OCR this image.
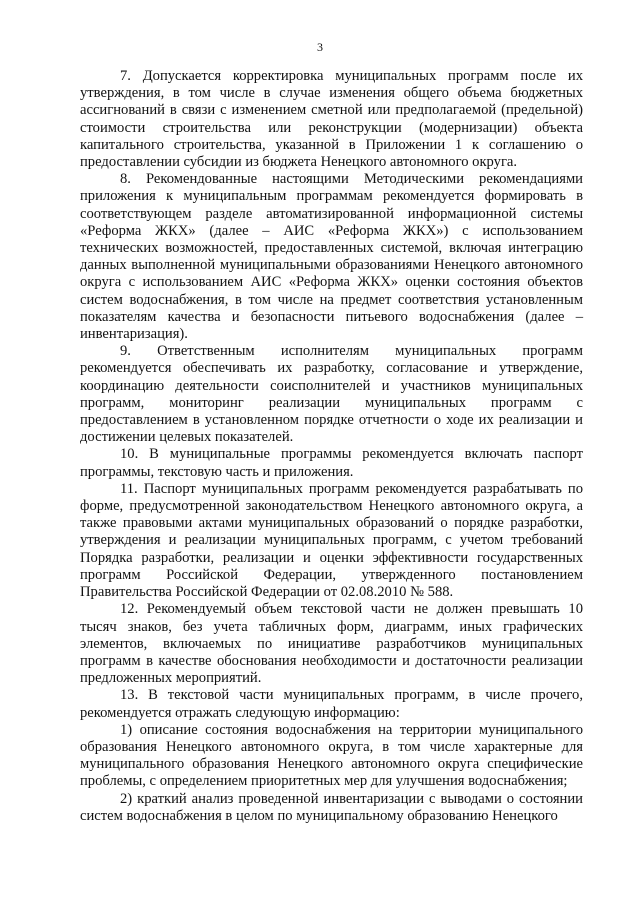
3

7. Допускается корректировка муниципальных программ после их утверждения, в том числе в случае изменения общего объема бюджетных ассигнований в связи с изменением сметной или предполагаемой (предельной) стоимости строительства или реконструкции (модернизации) объекта капитального строительства, указанной в Приложении 1 к соглашению о предоставлении субсидии из бюджета Ненецкого автономного округа.

8. Рекомендованные настоящими Методическими рекомендациями приложения к муниципальным программам рекомендуется формировать в соответствующем разделе автоматизированной информационной системы «Реформа ЖКХ» (далее – АИС «Реформа ЖКХ») с использованием технических возможностей, предоставленных системой, включая интеграцию данных выполненной муниципальными образованиями Ненецкого автономного округа с использованием АИС «Реформа ЖКХ» оценки состояния объектов систем водоснабжения, в том числе на предмет соответствия установленным показателям качества и безопасности питьевого водоснабжения (далее – инвентаризация).

9. Ответственным исполнителям муниципальных программ рекомендуется обеспечивать их разработку, согласование и утверждение, координацию деятельности соисполнителей и участников муниципальных программ, мониторинг реализации муниципальных программ с предоставлением в установленном порядке отчетности о ходе их реализации и достижении целевых показателей.

10. В муниципальные программы рекомендуется включать паспорт программы, текстовую часть и приложения.

11. Паспорт муниципальных программ рекомендуется разрабатывать по форме, предусмотренной законодательством Ненецкого автономного округа, а также правовыми актами муниципальных образований о порядке разработки, утверждения и реализации муниципальных программ, с учетом требований Порядка разработки, реализации и оценки эффективности государственных программ Российской Федерации, утвержденного постановлением Правительства Российской Федерации от 02.08.2010 № 588.

12. Рекомендуемый объем текстовой части не должен превышать 10 тысяч знаков, без учета табличных форм, диаграмм, иных графических элементов, включаемых по инициативе разработчиков муниципальных программ в качестве обоснования необходимости и достаточности реализации предложенных мероприятий.

13. В текстовой части муниципальных программ, в числе прочего, рекомендуется отражать следующую информацию:

1) описание состояния водоснабжения на территории муниципального образования Ненецкого автономного округа, в том числе характерные для муниципального образования Ненецкого автономного округа специфические проблемы, с определением приоритетных мер для улучшения водоснабжения;

2) краткий анализ проведенной инвентаризации с выводами о состоянии систем водоснабжения в целом по муниципальному образованию Ненецкого
